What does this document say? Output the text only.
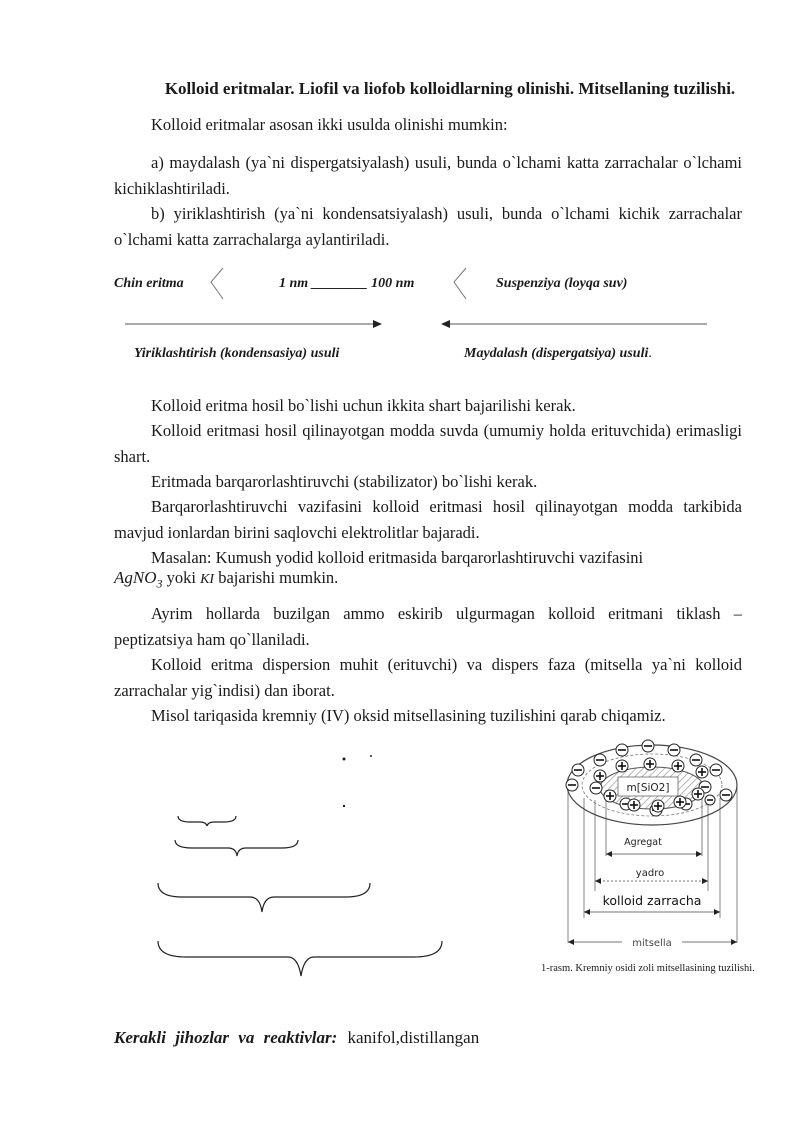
Kolloid eritmalar. Liofil va liofob kolloidlarning olinishi. Mitsellaning tuzilishi.

Kolloid eritmalar asosan ikki usulda olinishi mumkin:

a) maydalash (ya`ni dispergatsiyalash) usuli, bunda o`lchami katta zarrachalar o`lchami kichiklashtiriladi.

b) yiriklashtirish (ya`ni kondensatsiyalash) usuli, bunda o`lchami kichik zarrachalar o`lchami katta zarrachalarga aylantiriladi.

Chin eritma	1 nm ________ 100 nm	Suspenziya (loyqa suv)
Yiriklashtirish (kondensasiya) usuli	Maydalash (dispergatsiya) usuli.

Kolloid eritma hosil bo`lishi uchun ikkita shart bajarilishi kerak.

Kolloid eritmasi hosil qilinayotgan modda suvda (umumiy holda erituvchida) erimasligi shart.

Eritmada barqarorlashtiruvchi (stabilizator) bo`lishi kerak.

Barqarorlashtiruvchi vazifasini kolloid eritmasi hosil qilinayotgan modda tarkibida mavjud ionlardan birini saqlovchi elektrolitlar bajaradi.

Masalan: Kumush yodid kolloid eritmasida barqarorlashtiruvchi vazifasini

AgNO$_3$ yoki KI bajarishi mumkin.

Ayrim hollarda buzilgan ammo eskirib ulgurmagan kolloid eritmani tiklash – peptizatsiya ham qo`llaniladi.

Kolloid eritma dispersion muhit (erituvchi) va dispers faza (mitsella ya`ni kolloid zarrachalar yig`indisi) dan iborat.

Misol tariqasida kremniy (IV) oksid mitsellasining tuzilishini qarab chiqamiz.

m[SiO2]
Agregat
yadro
kolloid zarracha
mitsella
1-rasm. Kremniy osidi zoli mitsellasining tuzilishi.
Kerakli jihozlar va reaktivlar: kanifol,distillangan
